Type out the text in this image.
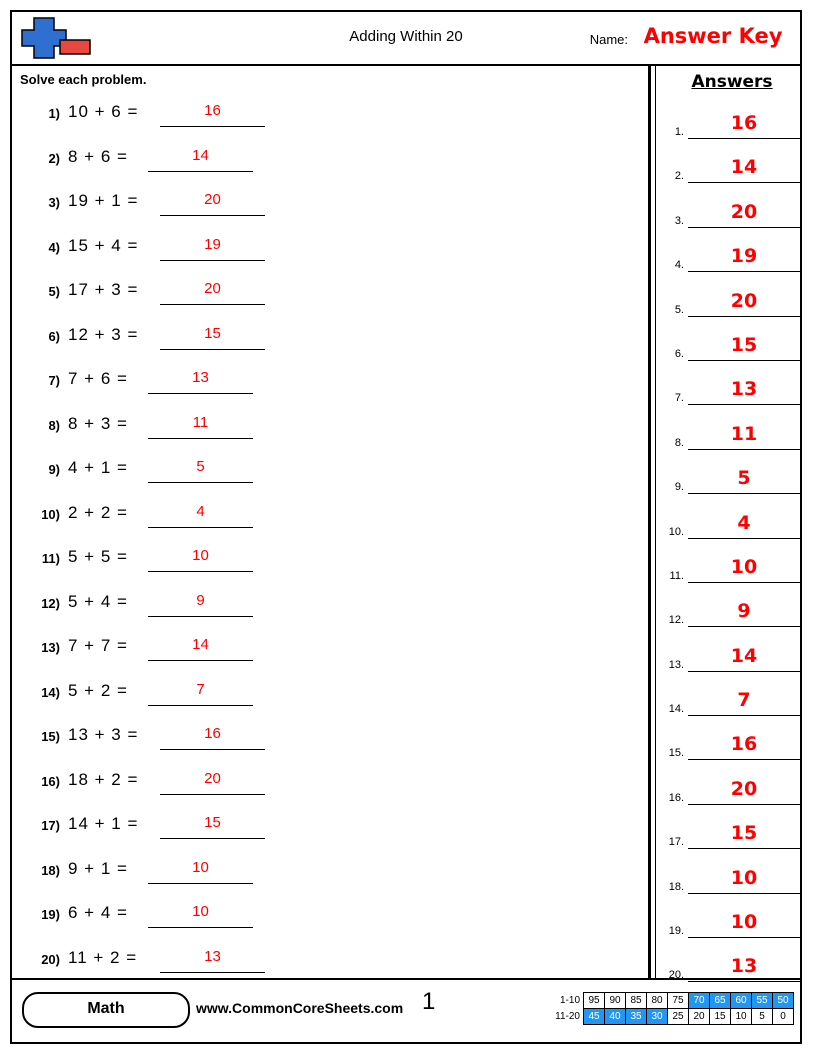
Adding Within 20	Name: Answer Key
Solve each problem.
1) 10 + 6 =	16
2) 8 + 6 =	14
3) 19 + 1 =	20
4) 15 + 4 =	19
5) 17 + 3 =	20
6) 12 + 3 =	15
7) 7 + 6 =	13
8) 8 + 3 =	11
9) 4 + 1 =	5
10) 2 + 2 =	4
11) 5 + 5 =	10
12) 5 + 4 =	9
13) 7 + 7 =	14
14) 5 + 2 =	7
15) 13 + 3 =	16
16) 18 + 2 =	20
17) 14 + 1 =	15
18) 9 + 1 =	10
19) 6 + 4 =	10
20) 11 + 2 =	13
Answers
1.	16
2.	14
3.	20
4.	19
5.	20
6.	15
7.	13
8.	11
9.	5
10.	4
11.	10
12.	9
13.	14
14.	7
15.	16
16.	20
17.	15
18.	10
19.	10
20.	13
Math	www.CommonCoreSheets.com 1	1-10	95	90	85	80	75	70	65	60	55	50
11-20	45	40	35	30	25	20	15	10	5	0
